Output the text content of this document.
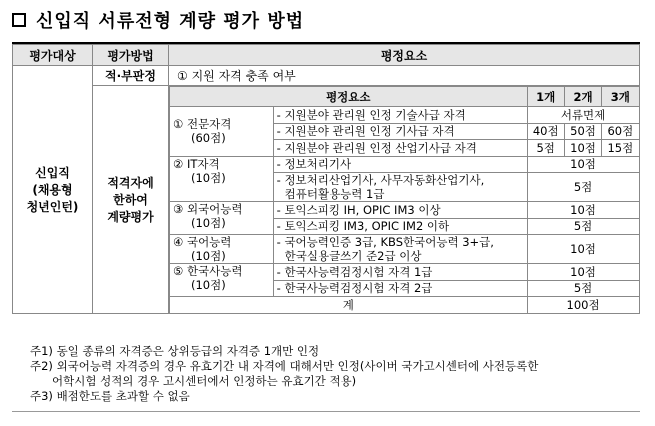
신입직 서류전형 계량 평가 방법
평가대상	평가방법	평정요소

신입직
(채용형
청년인턴)
	적·부판정	① 지원 자격 충족 여부

적격자에
한하여
계량평가

평정요소	1개	2개	3개

① 전문자격
(60점)
	- 지원분야 관리원 인정 기술사급 자격	서류면제
- 지원분야 관리원 인정 기사급 자격	40점	50점	60점
- 지원분야 관리원 인정 산업기사급 자격	5점	10점	15점

② IT자격
(10점)
	- 정보처리기사	10점

- 정보처리산업기사, 사무자동화산업기사,
컴퓨터활용능력 1급	5점

③ 외국어능력
(10점)
	- 토익스피킹 IH, OPIC IM3 이상	10점
- 토익스피킹 IM3, OPIC IM2 이하	5점

④ 국어능력
(10점)

- 국어능력인증 3급, KBS한국어능력 3+급,
한국실용글쓰기 준2급 이상	10점

⑤ 한국사능력
(10점)
	- 한국사능력검정시험 자격 1급	10점
- 한국사능력검정시험 자격 2급	5점
계	100점
주1) 동일 종류의 자격증은 상위등급의 자격증 1개만 인정
주2) 외국어능력 자격증의 경우 유효기간 내 자격에 대해서만 인정(사이버 국가고시센터에 사전등록한
어학시험 성적의 경우 고시센터에서 인정하는 유효기간 적용)
주3) 배점한도를 초과할 수 없음
